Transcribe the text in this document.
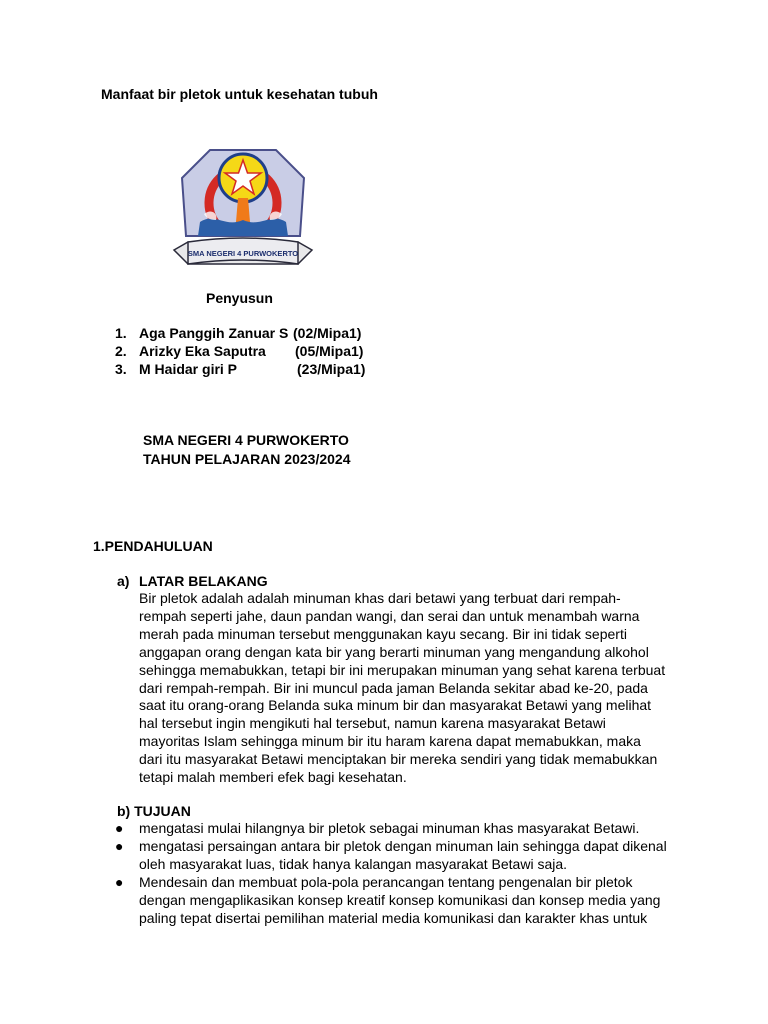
Manfaat bir pletok untuk kesehatan tubuh
SMA NEGERI 4 PURWOKERTO
Penyusun
1. Aga Panggih Zanuar S (02/Mipa1)
2. Arizky Eka Saputra (05/Mipa1)
3. M Haidar giri P	(23/Mipa1)
SMA NEGERI 4 PURWOKERTO
TAHUN PELAJARAN 2023/2024
1.PENDAHULUAN
a) LATAR BELAKANG
Bir pletok adalah adalah minuman khas dari betawi yang terbuat dari rempah-
rempah seperti jahe, daun pandan wangi, dan serai dan untuk menambah warna
merah pada minuman tersebut menggunakan kayu secang. Bir ini tidak seperti
anggapan orang dengan kata bir yang berarti minuman yang mengandung alkohol
sehingga memabukkan, tetapi bir ini merupakan minuman yang sehat karena terbuat
dari rempah-rempah. Bir ini muncul pada jaman Belanda sekitar abad ke-20, pada
saat itu orang-orang Belanda suka minum bir dan masyarakat Betawi yang melihat
hal tersebut ingin mengikuti hal tersebut, namun karena masyarakat Betawi
mayoritas Islam sehingga minum bir itu haram karena dapat memabukkan, maka
dari itu masyarakat Betawi menciptakan bir mereka sendiri yang tidak memabukkan
tetapi malah memberi efek bagi kesehatan.
b) TUJUAN
● mengatasi mulai hilangnya bir pletok sebagai minuman khas masyarakat Betawi.
● mengatasi persaingan antara bir pletok dengan minuman lain sehingga dapat dikenal
oleh masyarakat luas, tidak hanya kalangan masyarakat Betawi saja.
● Mendesain dan membuat pola-pola perancangan tentang pengenalan bir pletok
dengan mengaplikasikan konsep kreatif konsep komunikasi dan konsep media yang
paling tepat disertai pemilihan material media komunikasi dan karakter khas untuk
